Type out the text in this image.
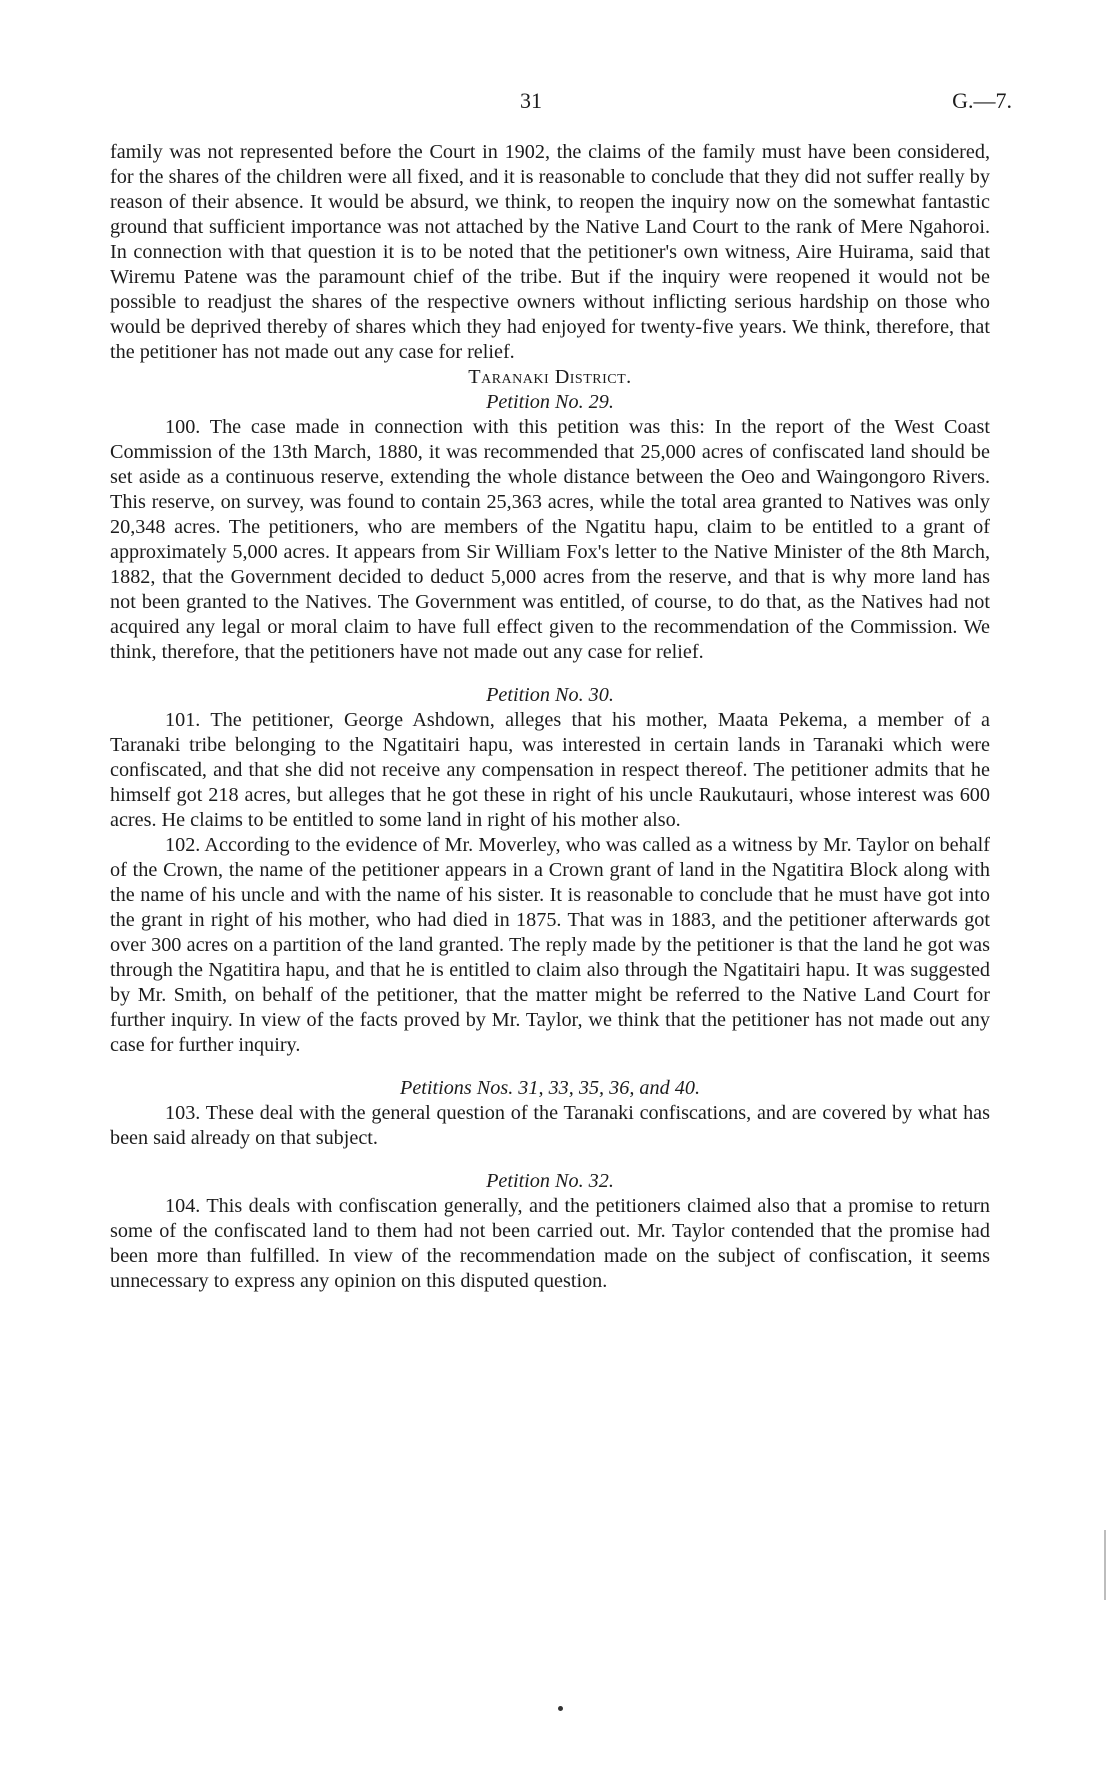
31	G.—7.

family was not represented before the Court in 1902, the claims of the family must have been considered, for the shares of the children were all fixed, and it is reasonable to conclude that they did not suffer really by reason of their absence. It would be absurd, we think, to reopen the inquiry now on the somewhat fantastic ground that sufficient importance was not attached by the Native Land Court to the rank of Mere Ngahoroi. In connection with that question it is to be noted that the petitioner's own witness, Aire Huirama, said that Wiremu Patene was the paramount chief of the tribe. But if the inquiry were reopened it would not be possible to readjust the shares of the respective owners without inflicting serious hardship on those who would be deprived thereby of shares which they had enjoyed for twenty-five years. We think, therefore, that the petitioner has not made out any case for relief.

Taranaki District.

Petition No. 29.

100. The case made in connection with this petition was this: In the report of the West Coast Commission of the 13th March, 1880, it was recommended that 25,000 acres of confiscated land should be set aside as a continuous reserve, extending the whole distance between the Oeo and Waingongoro Rivers. This reserve, on survey, was found to contain 25,363 acres, while the total area granted to Natives was only 20,348 acres. The petitioners, who are members of the Ngatitu hapu, claim to be entitled to a grant of approximately 5,000 acres. It appears from Sir William Fox's letter to the Native Minister of the 8th March, 1882, that the Government decided to deduct 5,000 acres from the reserve, and that is why more land has not been granted to the Natives. The Government was entitled, of course, to do that, as the Natives had not acquired any legal or moral claim to have full effect given to the recommendation of the Commission. We think, therefore, that the petitioners have not made out any case for relief.

Petition No. 30.

101. The petitioner, George Ashdown, alleges that his mother, Maata Pekema, a member of a Taranaki tribe belonging to the Ngatitairi hapu, was interested in certain lands in Taranaki which were confiscated, and that she did not receive any compensation in respect thereof. The petitioner admits that he himself got 218 acres, but alleges that he got these in right of his uncle Raukutauri, whose interest was 600 acres. He claims to be entitled to some land in right of his mother also.

102. According to the evidence of Mr. Moverley, who was called as a witness by Mr. Taylor on behalf of the Crown, the name of the petitioner appears in a Crown grant of land in the Ngatitira Block along with the name of his uncle and with the name of his sister. It is reasonable to conclude that he must have got into the grant in right of his mother, who had died in 1875. That was in 1883, and the petitioner afterwards got over 300 acres on a partition of the land granted. The reply made by the petitioner is that the land he got was through the Ngatitira hapu, and that he is entitled to claim also through the Ngatitairi hapu. It was suggested by Mr. Smith, on behalf of the petitioner, that the matter might be referred to the Native Land Court for further inquiry. In view of the facts proved by Mr. Taylor, we think that the petitioner has not made out any case for further inquiry.

Petitions Nos. 31, 33, 35, 36, and 40.

103. These deal with the general question of the Taranaki confiscations, and are covered by what has been said already on that subject.

Petition No. 32.

104. This deals with confiscation generally, and the petitioners claimed also that a promise to return some of the confiscated land to them had not been carried out. Mr. Taylor contended that the promise had been more than fulfilled. In view of the recommendation made on the subject of confiscation, it seems unnecessary to express any opinion on this disputed question.
